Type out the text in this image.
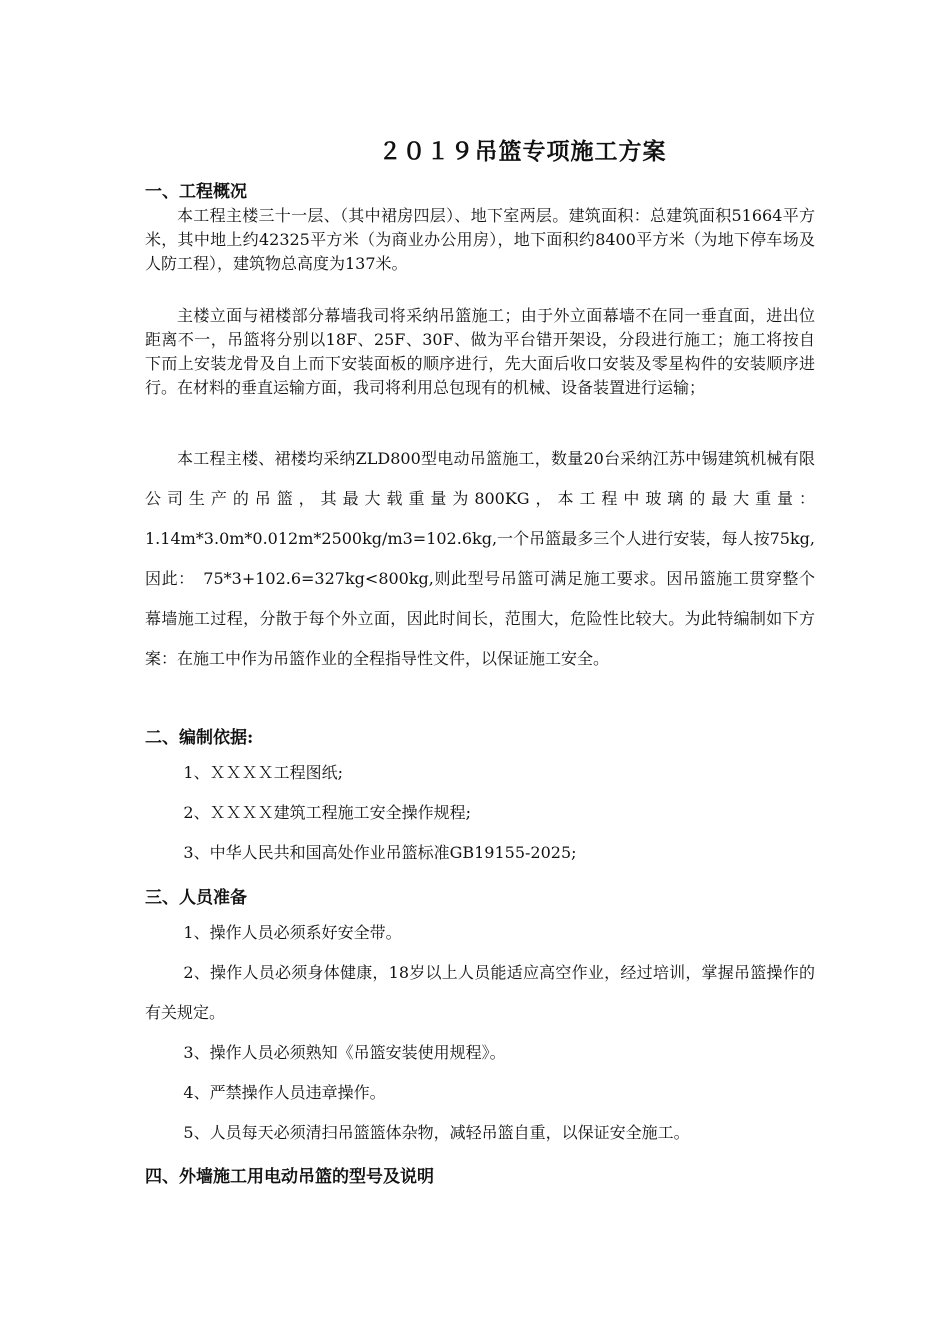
２０１９吊篮专项施工方案
一、工程概况
本工程主楼三十一层、（其中裙房四层）、地下室两层。建筑面积：总建筑面积51664平方米，其中地上约42325平方米（为商业办公用房），地下面积约8400平方米（为地下停车场及人防工程），建筑物总高度为137米。
主楼立面与裙楼部分幕墙我司将采纳吊篮施工；由于外立面幕墙不在同一垂直面，进出位距离不一，吊篮将分别以18F、25F、30F、做为平台错开架设，分段进行施工；施工将按自下而上安装龙骨及自上而下安装面板的顺序进行，先大面后收口安装及零星构件的安装顺序进行。在材料的垂直运输方面，我司将利用总包现有的机械、设备装置进行运输；
本工程主楼、裙楼均采纳ZLD800型电动吊篮施工，数量20台采纳江苏中锡建筑机械有限公司生产的吊篮，其最大载重量为800KG，本工程中玻璃的最大重量：1.14m*3.0m*0.012m*2500kg/m3=102.6kg,一个吊篮最多三个人进行安装，每人按75kg,因此：　75*3+102.6=327kg<800kg,则此型号吊篮可满足施工要求。因吊篮施工贯穿整个幕墙施工过程，分散于每个外立面，因此时间长，范围大，危险性比较大。为此特编制如下方案：在施工中作为吊篮作业的全程指导性文件，以保证施工安全。
二、编制依据:
1、ＸＸＸＸ工程图纸;
2、ＸＸＸＸ建筑工程施工安全操作规程;
3、中华人民共和国高处作业吊篮标准GB19155-2025;
三、人员准备
1、操作人员必须系好安全带。
2、操作人员必须身体健康，18岁以上人员能适应高空作业，经过培训，掌握吊篮操作的有关规定。
3、操作人员必须熟知《吊篮安装使用规程》。
4、严禁操作人员违章操作。
5、人员每天必须清扫吊篮篮体杂物，减轻吊篮自重，以保证安全施工。
四、外墙施工用电动吊篮的型号及说明
